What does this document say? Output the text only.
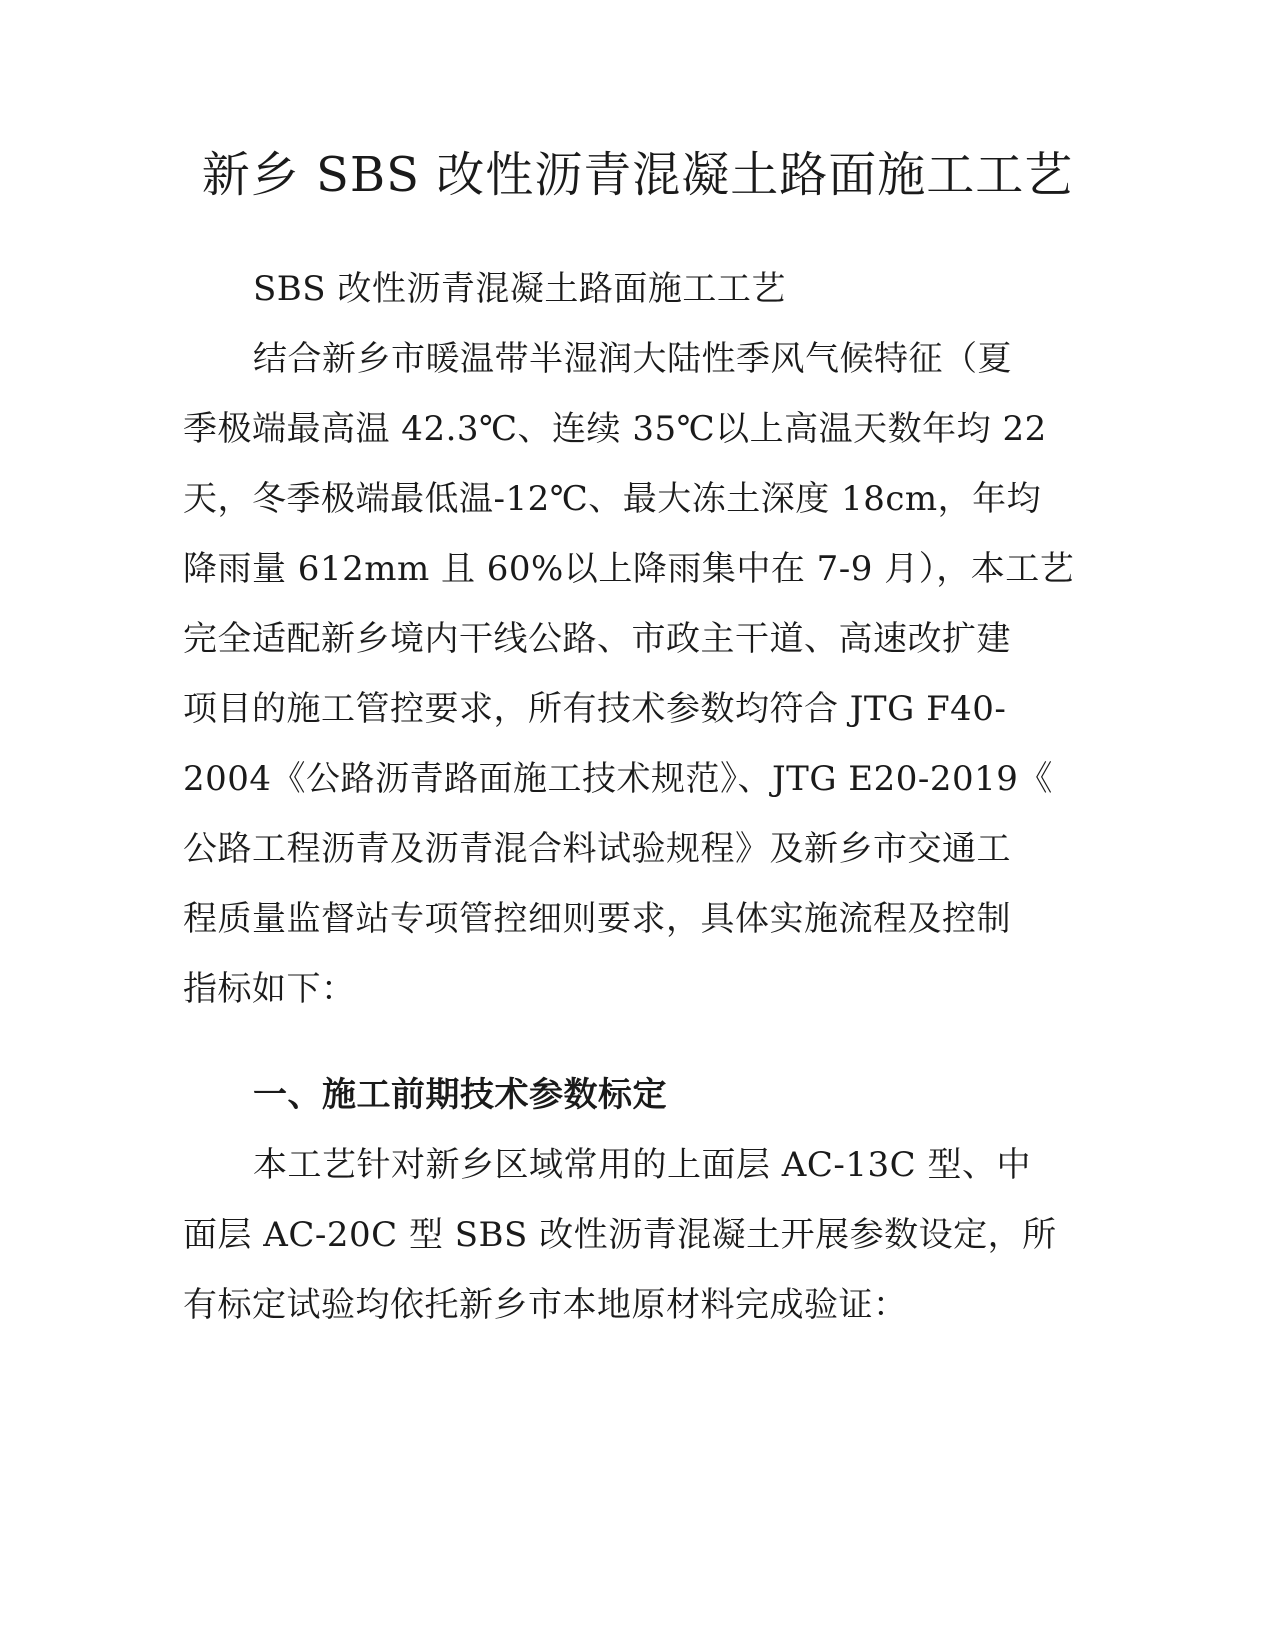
新乡 SBS 改性沥青混凝土路面施工工艺
SBS 改性沥青混凝土路面施工工艺
结合新乡市暖温带半湿润大陆性季风气候特征（夏
季极端最高温 42.3℃、连续 35℃以上高温天数年均 22
天，冬季极端最低温-12℃、最大冻土深度 18cm，年均
降雨量 612mm 且 60%以上降雨集中在 7-9 月），本工艺
完全适配新乡境内干线公路、市政主干道、高速改扩建
项目的施工管控要求，所有技术参数均符合 JTG F40-
2004《公路沥青路面施工技术规范》、JTG E20-2019《
公路工程沥青及沥青混合料试验规程》及新乡市交通工
程质量监督站专项管控细则要求，具体实施流程及控制
指标如下：
一、施工前期技术参数标定
本工艺针对新乡区域常用的上面层 AC-13C 型、中
面层 AC-20C 型 SBS 改性沥青混凝土开展参数设定，所
有标定试验均依托新乡市本地原材料完成验证：
